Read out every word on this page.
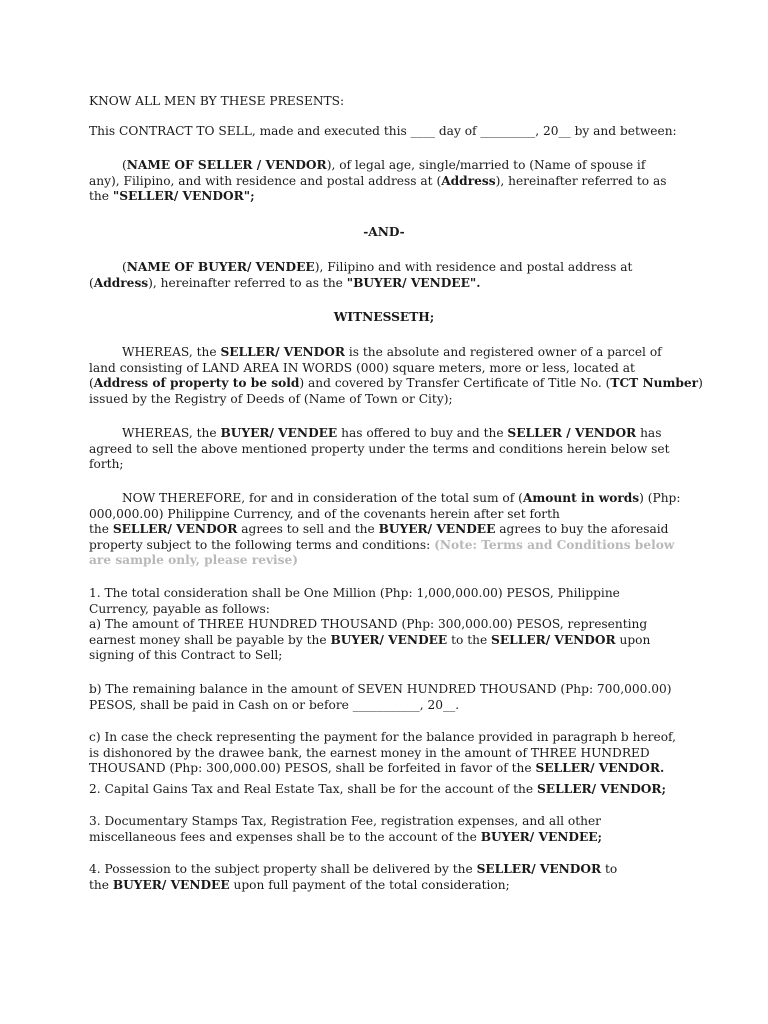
KNOW ALL MEN BY THESE PRESENTS:
This CONTRACT TO SELL, made and executed this ____ day of _________, 20__ by and between:
(NAME OF SELLER / VENDOR), of legal age, single/married to (Name of spouse if
any), Filipino, and with residence and postal address at (Address), hereinafter referred to as
the "SELLER/ VENDOR";
-AND-
(NAME OF BUYER/ VENDEE), Filipino and with residence and postal address at
(Address), hereinafter referred to as the "BUYER/ VENDEE".
WITNESSETH;
WHEREAS, the SELLER/ VENDOR is the absolute and registered owner of a parcel of
land consisting of LAND AREA IN WORDS (000) square meters, more or less, located at
(Address of property to be sold) and covered by Transfer Certificate of Title No. (TCT Number)
issued by the Registry of Deeds of (Name of Town or City);
WHEREAS, the BUYER/ VENDEE has offered to buy and the SELLER / VENDOR has
agreed to sell the above mentioned property under the terms and conditions herein below set
forth;
NOW THEREFORE, for and in consideration of the total sum of (Amount in words) (Php:
000,000.00) Philippine Currency, and of the covenants herein after set forth
the SELLER/ VENDOR agrees to sell and the BUYER/ VENDEE agrees to buy the aforesaid
property subject to the following terms and conditions: (Note: Terms and Conditions below
are sample only, please revise)
1. The total consideration shall be One Million (Php: 1,000,000.00) PESOS, Philippine
Currency, payable as follows:
a) The amount of THREE HUNDRED THOUSAND (Php: 300,000.00) PESOS, representing
earnest money shall be payable by the BUYER/ VENDEE to the SELLER/ VENDOR upon
signing of this Contract to Sell;
b) The remaining balance in the amount of SEVEN HUNDRED THOUSAND (Php: 700,000.00)
PESOS, shall be paid in Cash on or before ___________, 20__.
c) In case the check representing the payment for the balance provided in paragraph b hereof,
is dishonored by the drawee bank, the earnest money in the amount of THREE HUNDRED
THOUSAND (Php: 300,000.00) PESOS, shall be forfeited in favor of the SELLER/ VENDOR.
2. Capital Gains Tax and Real Estate Tax, shall be for the account of the SELLER/ VENDOR;
3. Documentary Stamps Tax, Registration Fee, registration expenses, and all other
miscellaneous fees and expenses shall be to the account of the BUYER/ VENDEE;
4. Possession to the subject property shall be delivered by the SELLER/ VENDOR to
the BUYER/ VENDEE upon full payment of the total consideration;
